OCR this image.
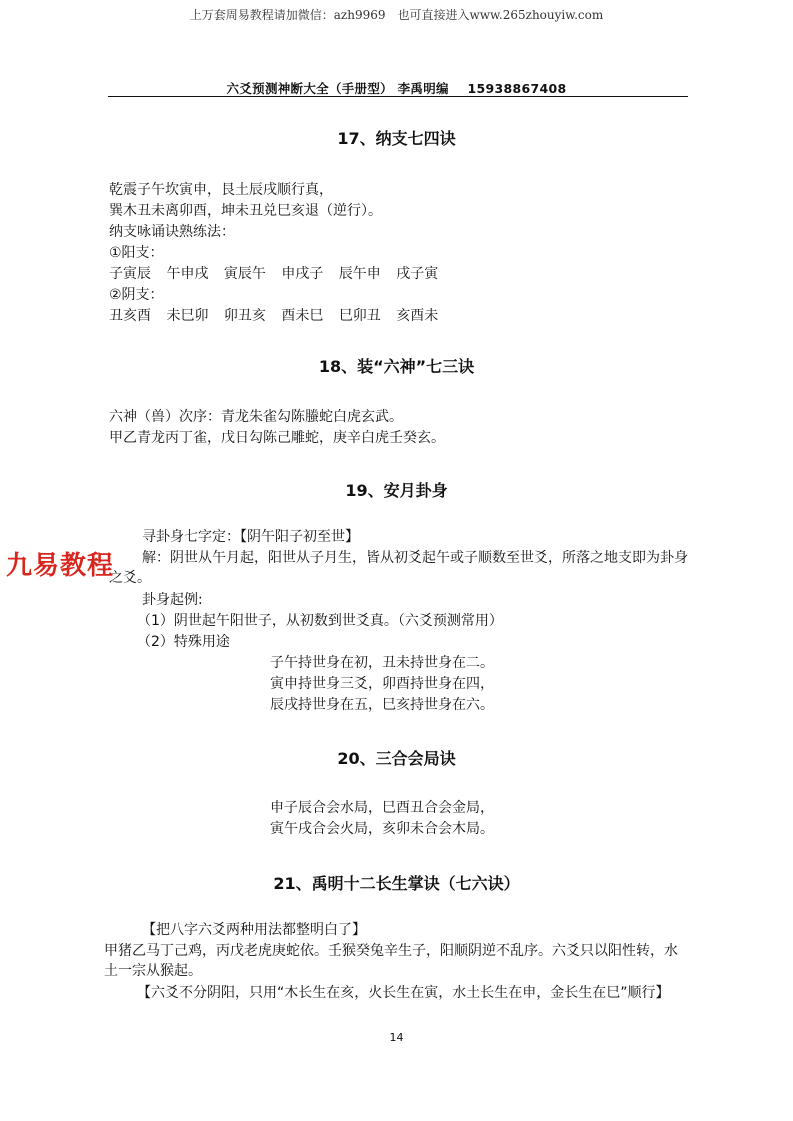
上万套周易教程请加微信：azh9969　也可直接进入www.265zhouyiw.com
六爻预测神断大全（手册型） 李禹明编 15938867408
17、纳支七四诀
乾震子午坎寅申，艮土辰戌顺行真，
巽木丑未离卯酉，坤未丑兑巳亥退（逆行）。
纳支咏诵诀熟练法：
①阳支：
子寅辰 午申戌 寅辰午 申戌子 辰午申 戌子寅
②阴支：
丑亥酉 未巳卯 卯丑亥 酉未巳 巳卯丑 亥酉未
18、装“六神”七三诀
六神（兽）次序：青龙朱雀勾陈螣蛇白虎玄武。
甲乙青龙丙丁雀，戊日勾陈己雕蛇，庚辛白虎壬癸玄。
19、安月卦身
寻卦身七字定：【阴午阳子初至世】
解：阴世从午月起，阳世从子月生，皆从初爻起午或子顺数至世爻，所落之地支即为卦身之爻。
卦身起例:
（1）阴世起午阳世子，从初数到世爻真。（六爻预测常用）
（2）特殊用途
子午持世身在初，丑未持世身在二。
寅申持世身三爻，卯酉持世身在四，
辰戌持世身在五，巳亥持世身在六。
20、三合会局诀
申子辰合会水局，巳酉丑合会金局，
寅午戌合会火局，亥卯未合会木局。
21、禹明十二长生掌诀（七六诀）
【把八字六爻两种用法都整明白了】
甲猪乙马丁己鸡，丙戊老虎庚蛇依。壬猴癸兔辛生子，阳顺阴逆不乱序。六爻只以阳性转，水土一宗从猴起。
【六爻不分阴阳，只用“木长生在亥，火长生在寅，水土长生在申，金长生在巳”顺行】
九易教程
14
